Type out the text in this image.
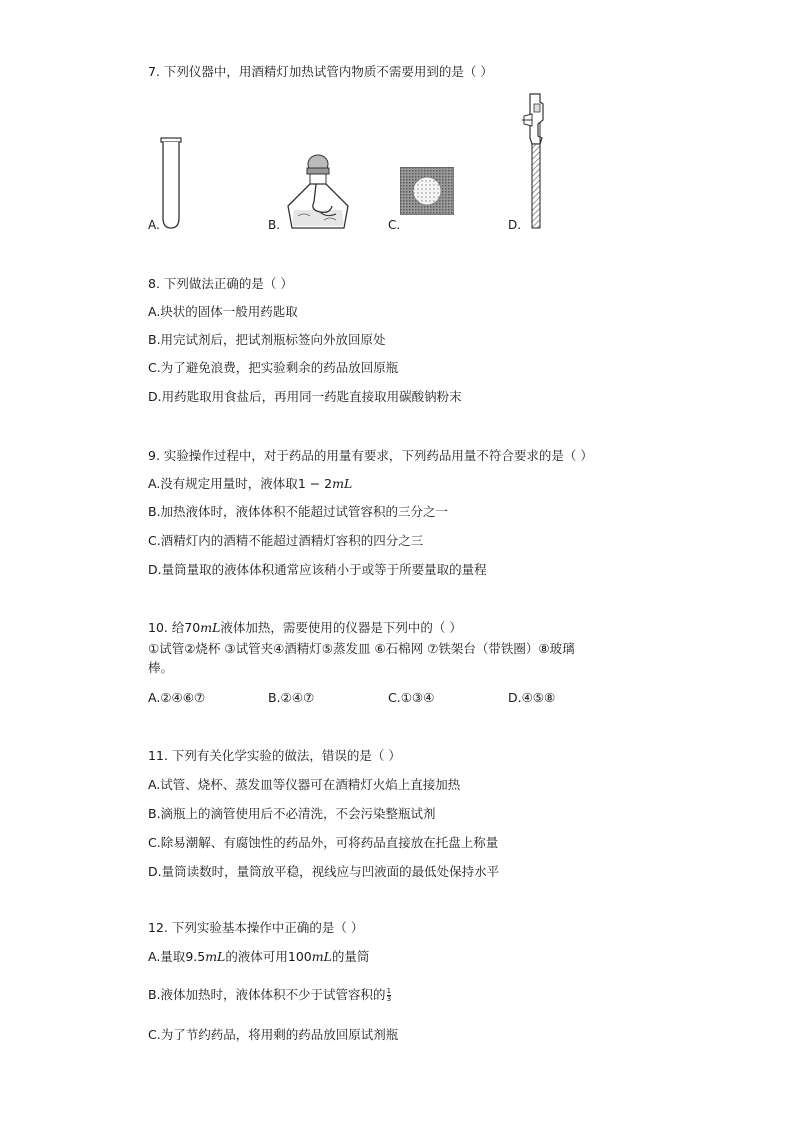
7. 下列仪器中，用酒精灯加热试管内物质不需要用到的是（ ）
A.	B.	C.	D.
8. 下列做法正确的是（ ）
A.块状的固体一般用药匙取
B.用完试剂后，把试剂瓶标签向外放回原处
C.为了避免浪费，把实验剩余的药品放回原瓶
D.用药匙取用食盐后，再用同一药匙直接取用碳酸钠粉末
9. 实验操作过程中，对于药品的用量有要求，下列药品用量不符合要求的是（ ）
A.没有规定用量时，液体取1 − 2mL
B.加热液体时，液体体积不能超过试管容积的三分之一
C.酒精灯内的酒精不能超过酒精灯容积的四分之三
D.量筒量取的液体体积通常应该稍小于或等于所要量取的量程
10. 给70mL液体加热，需要使用的仪器是下列中的（ ）
①试管②烧杯 ③试管夹④酒精灯⑤蒸发皿 ⑥石棉网 ⑦铁架台（带铁圈）⑧玻璃
棒。
A.②④⑥⑦	B.②④⑦	C.①③④	D.④⑤⑧
11. 下列有关化学实验的做法，错误的是（ ）
A.试管、烧杯、蒸发皿等仪器可在酒精灯火焰上直接加热
B.滴瓶上的滴管使用后不必清洗，不会污染整瓶试剂
C.除易潮解、有腐蚀性的药品外，可将药品直接放在托盘上称量
D.量筒读数时，量筒放平稳，视线应与凹液面的最低处保持水平
12. 下列实验基本操作中正确的是（ ）
A.量取9.5mL的液体可用100mL的量筒
B.液体加热时，液体体积不少于试管容积的 $\frac{1}{3}$
C.为了节约药品，将用剩的药品放回原试剂瓶
